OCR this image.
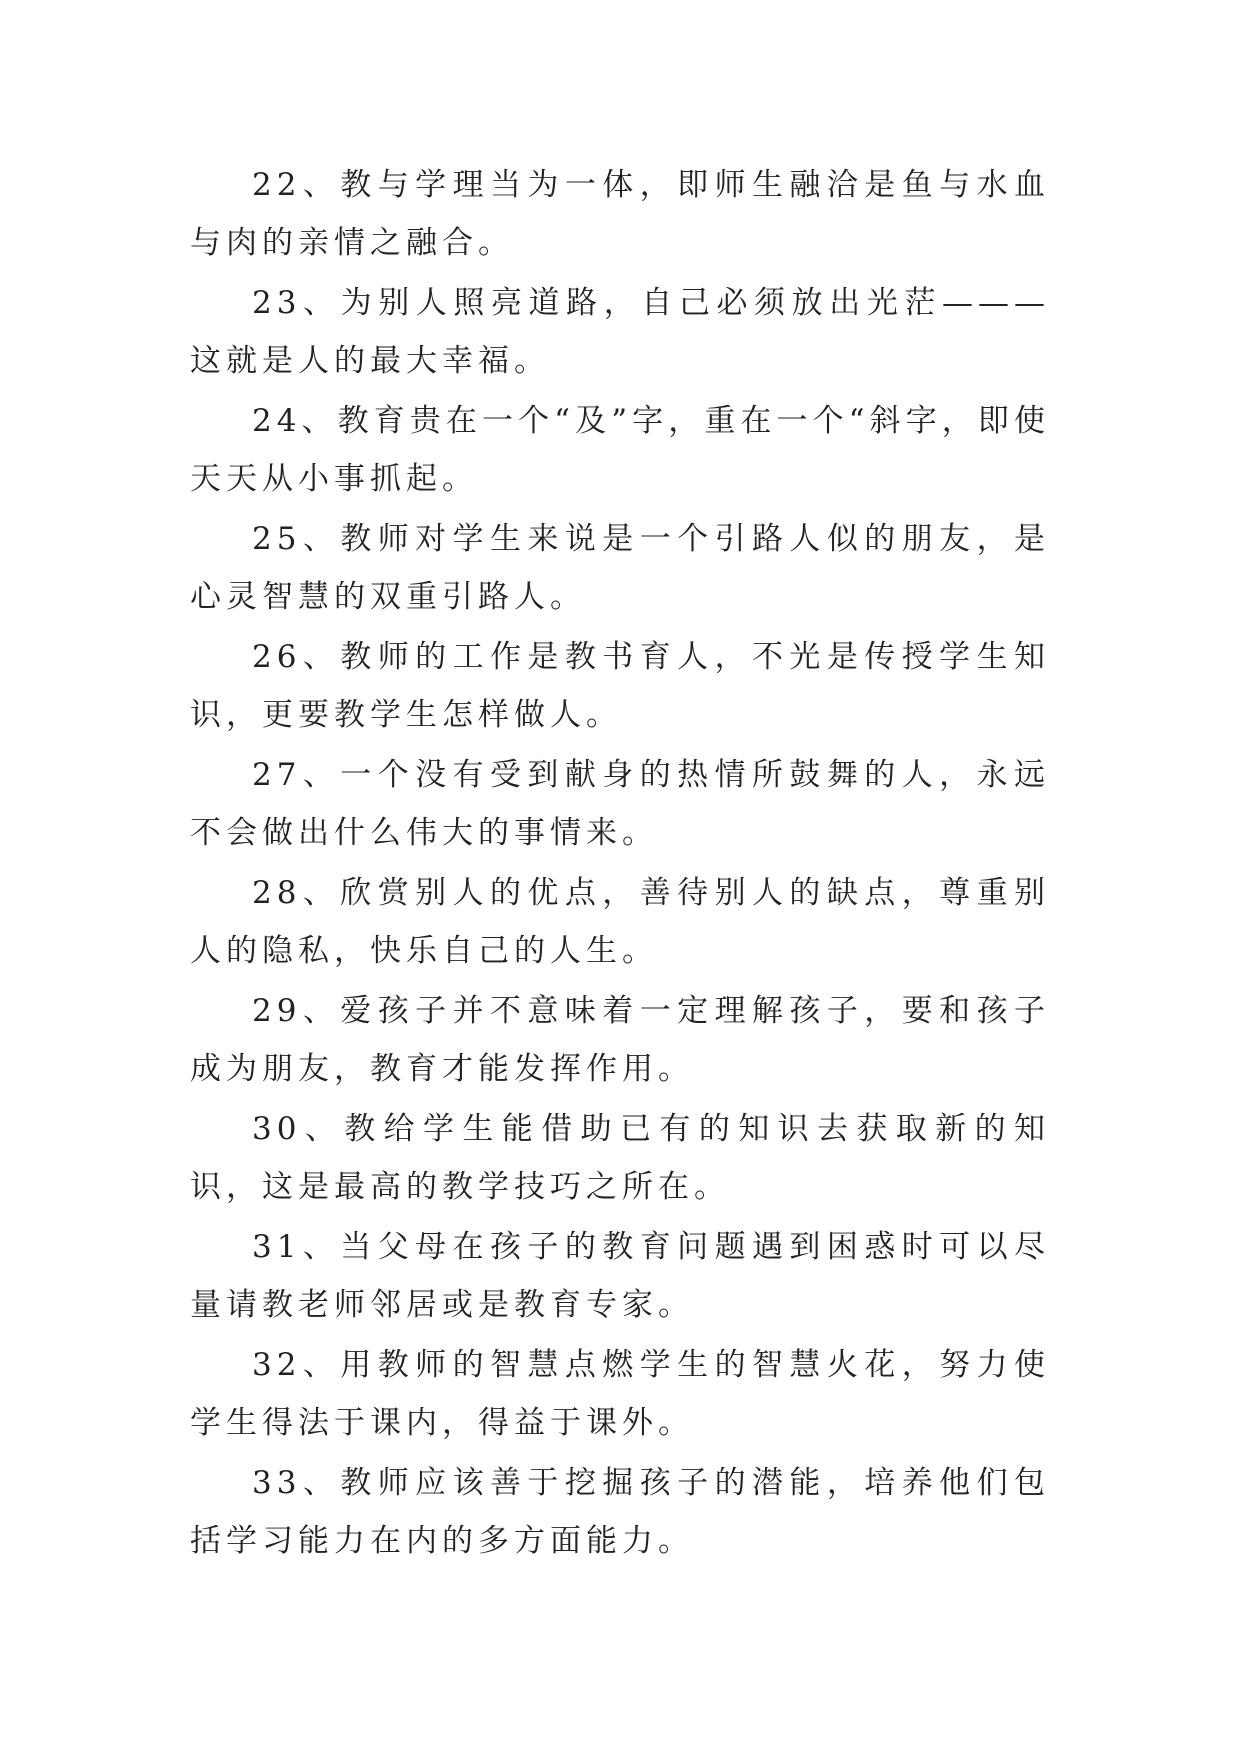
22、教与学理当为一体，即师生融洽是鱼与水血与肉的亲情之融合。

23、为别人照亮道路，自己必须放出光茫———这就是人的最大幸福。

24、教育贵在一个“及”字，重在一个“斜字，即使天天从小事抓起。

25、教师对学生来说是一个引路人似的朋友，是心灵智慧的双重引路人。

26、教师的工作是教书育人，不光是传授学生知识，更要教学生怎样做人。

27、一个没有受到献身的热情所鼓舞的人，永远不会做出什么伟大的事情来。

28、欣赏别人的优点，善待别人的缺点，尊重别人的隐私，快乐自己的人生。

29、爱孩子并不意味着一定理解孩子，要和孩子成为朋友，教育才能发挥作用。

30、教给学生能借助已有的知识去获取新的知识，这是最高的教学技巧之所在。

31、当父母在孩子的教育问题遇到困惑时可以尽量请教老师邻居或是教育专家。

32、用教师的智慧点燃学生的智慧火花，努力使学生得法于课内，得益于课外。

33、教师应该善于挖掘孩子的潜能，培养他们包括学习能力在内的多方面能力。
